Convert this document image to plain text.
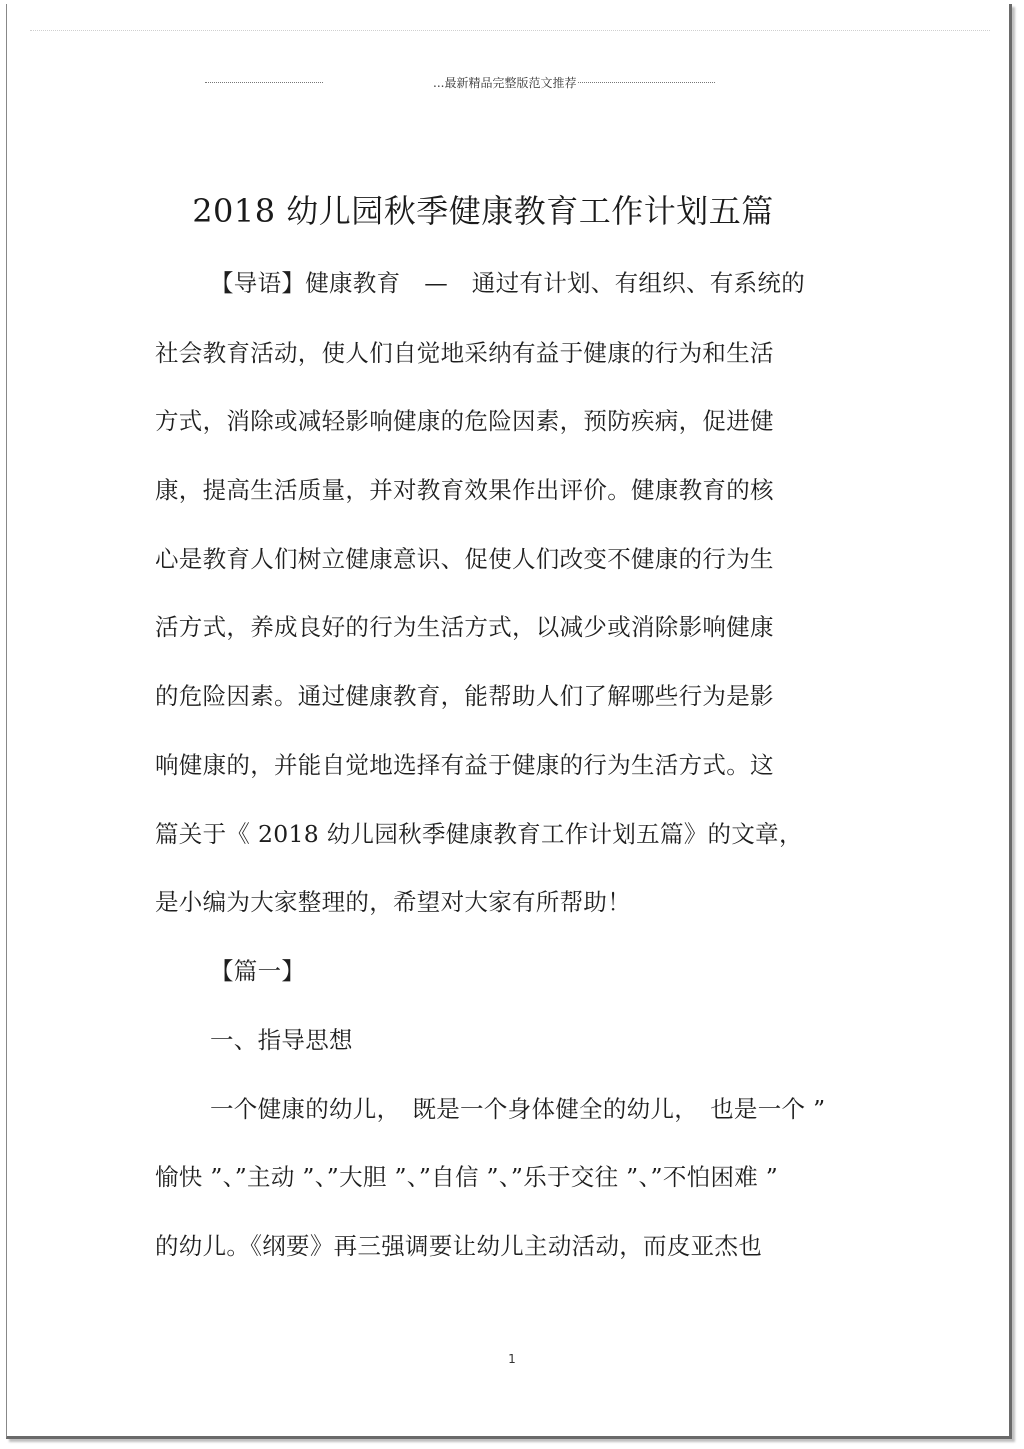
...最新精品完整版范文推荐
2018 幼儿园秋季健康教育工作计划五篇
【导语】健康教育　—　通过有计划、有组织、有系统的
社会教育活动，使人们自觉地采纳有益于健康的行为和生活
方式，消除或减轻影响健康的危险因素，预防疾病，促进健
康，提高生活质量，并对教育效果作出评价。健康教育的核
心是教育人们树立健康意识、促使人们改变不健康的行为生
活方式，养成良好的行为生活方式，以减少或消除影响健康
的危险因素。通过健康教育，能帮助人们了解哪些行为是影
响健康的，并能自觉地选择有益于健康的行为生活方式。这
篇关于《 2018 幼儿园秋季健康教育工作计划五篇》的文章，
是小编为大家整理的，希望对大家有所帮助！
【篇一】
一、指导思想
一个健康的幼儿，　既是一个身体健全的幼儿，　也是一个 ”
愉快 ”、”主动 ”、”大胆 ”、”自信 ”、”乐于交往 ”、”不怕困难 ”
的幼儿。《纲要》再三强调要让幼儿主动活动，而皮亚杰也
1
